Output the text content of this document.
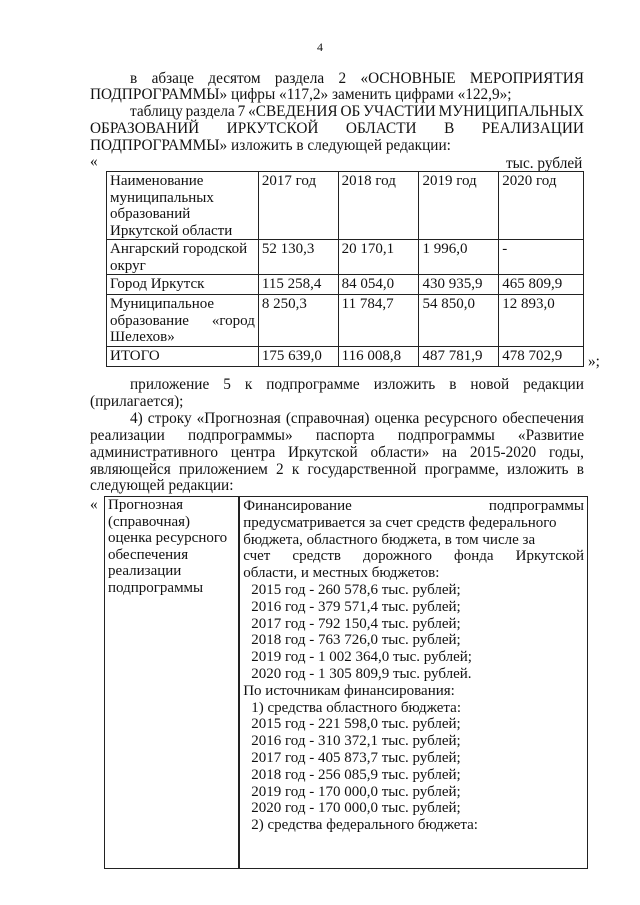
4
в абзаце десятом раздела 2 «ОСНОВНЫЕ МЕРОПРИЯТИЯ
ПОДПРОГРАММЫ» цифры «117,2» заменить цифрами «122,9»;
таблицу раздела 7 «СВЕДЕНИЯ ОБ УЧАСТИИ МУНИЦИПАЛЬНЫХ
ОБРАЗОВАНИЙ ИРКУТСКОЙ ОБЛАСТИ В РЕАЛИЗАЦИИ
ПОДПРОГРАММЫ» изложить в следующей редакции:
«	тыс. рублей
Наименование муниципальных образований Иркутской области	2017 год	2018 год	2019 год	2020 год
Ангарский городской округ	52 130,3	20 170,1	1 996,0	-
Город Иркутск	115 258,4	84 054,0	430 935,9	465 809,9

Муниципальное
образование «город
Шелехов»	8 250,3	11 784,7	54 850,0	12 893,0
ИТОГО	175 639,0	116 008,8	487 781,9	478 702,9 »;
приложение 5 к подпрограмме изложить в новой редакции
(прилагается);
4) строку «Прогнозная (справочная) оценка ресурсного обеспечения
реализации подпрограммы» паспорта подпрограммы «Развитие
административного центра Иркутской области» на 2015-2020 годы,
являющейся приложением 2 к государственной программе, изложить в
следующей редакции:
« Прогнозная
(справочная)
оценка ресурсного
обеспечения
реализации
подпрограммы

Финансирование	подпрограммы

предусматривается за счет средств федерального

бюджета, областного бюджета, в том числе за

счет средств дорожного фонда Иркутской

области, и местных бюджетов:

2015 год - 260 578,6 тыс. рублей;

2016 год - 379 571,4 тыс. рублей;

2017 год - 792 150,4 тыс. рублей;

2018 год - 763 726,0 тыс. рублей;

2019 год - 1 002 364,0 тыс. рублей;

2020 год - 1 305 809,9 тыс. рублей.

По источникам финансирования:

1) средства областного бюджета:

2015 год - 221 598,0 тыс. рублей;

2016 год - 310 372,1 тыс. рублей;

2017 год - 405 873,7 тыс. рублей;

2018 год - 256 085,9 тыс. рублей;

2019 год - 170 000,0 тыс. рублей;

2020 год - 170 000,0 тыс. рублей;

2) средства федерального бюджета:
